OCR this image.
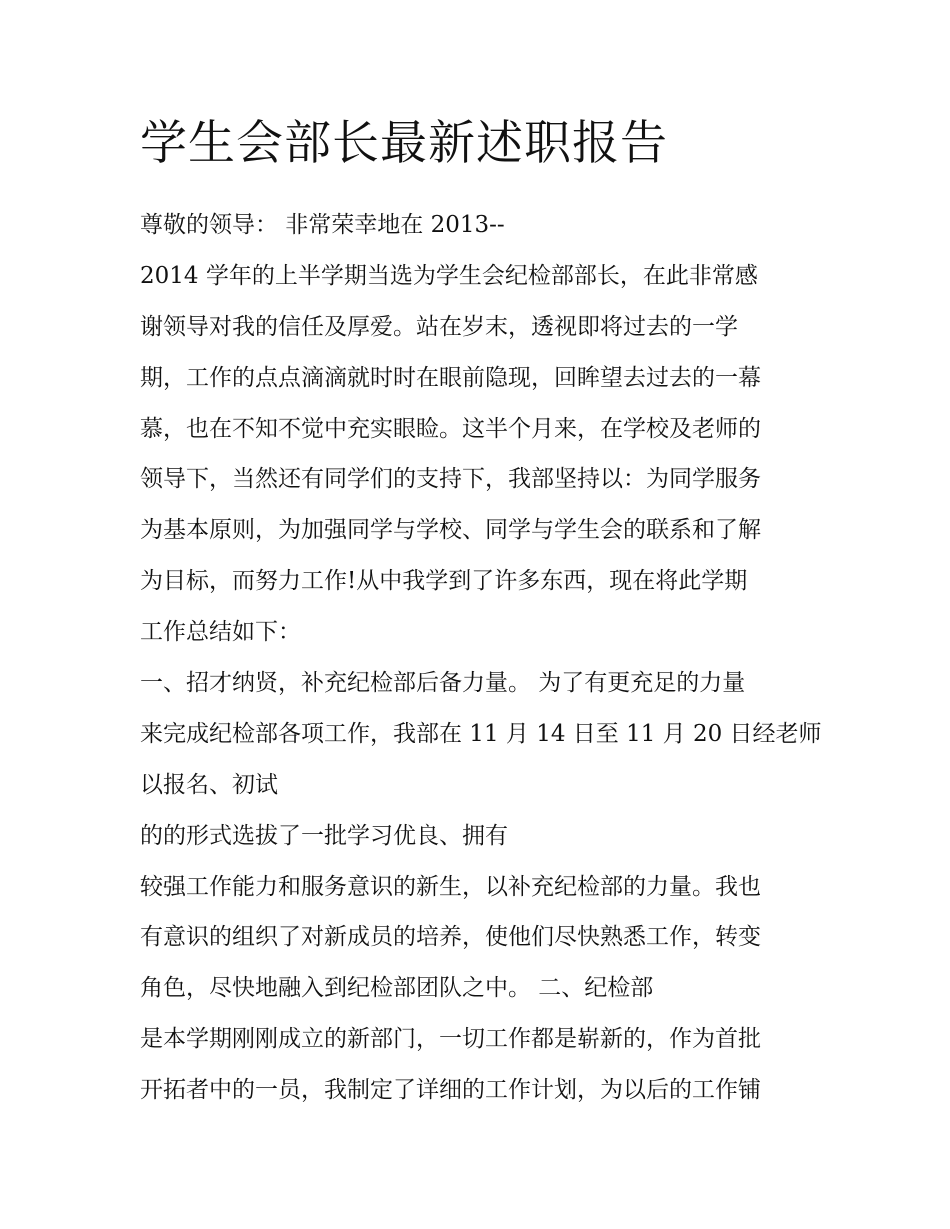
学生会部长最新述职报告
尊敬的领导： 非常荣幸地在 2013--
2014 学年的上半学期当选为学生会纪检部部长，在此非常感
谢领导对我的信任及厚爱。站在岁末，透视即将过去的一学
期，工作的点点滴滴就时时在眼前隐现，回眸望去过去的一幕
慕，也在不知不觉中充实眼睑。这半个月来，在学校及老师的
领导下，当然还有同学们的支持下，我部坚持以：为同学服务
为基本原则，为加强同学与学校、同学与学生会的联系和了解
为目标，而努力工作!从中我学到了许多东西，现在将此学期
工作总结如下：
一、招才纳贤，补充纪检部后备力量。 为了有更充足的力量
来完成纪检部各项工作，我部在 11 月 14 日至 11 月 20 日经老师
以报名、初试
的的形式选拔了一批学习优良、拥有
较强工作能力和服务意识的新生，以补充纪检部的力量。我也
有意识的组织了对新成员的培养，使他们尽快熟悉工作，转变
角色，尽快地融入到纪检部团队之中。 二、纪检部
是本学期刚刚成立的新部门，一切工作都是崭新的，作为首批
开拓者中的一员，我制定了详细的工作计划，为以后的工作铺
